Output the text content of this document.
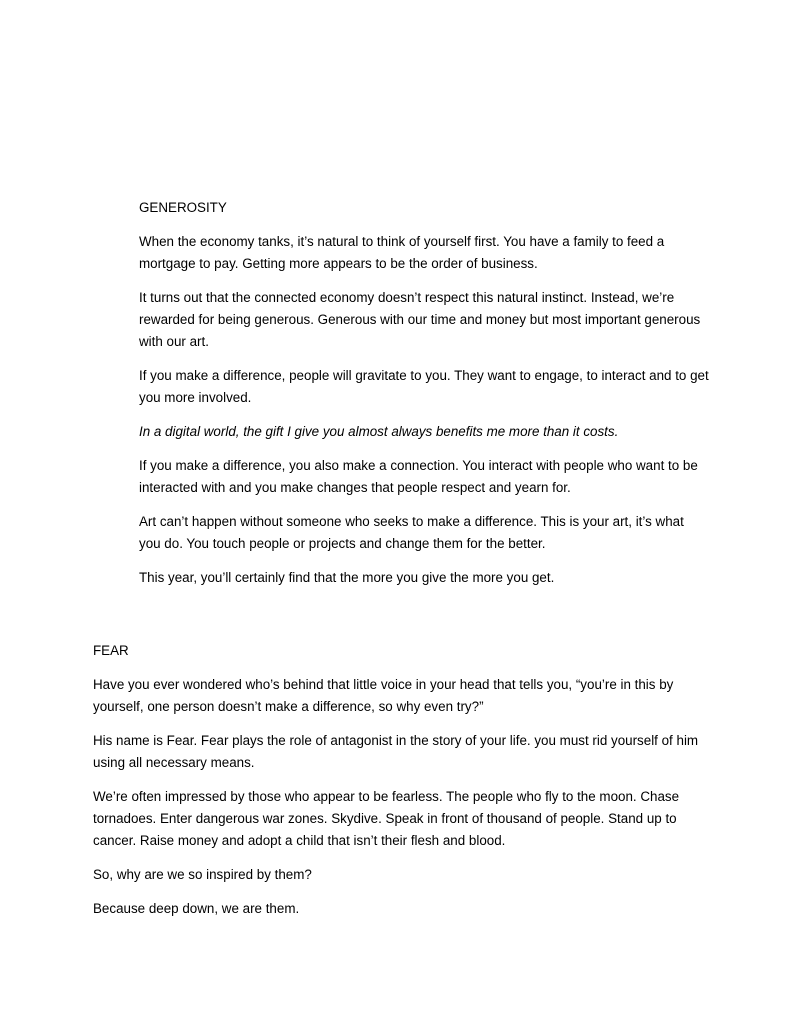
GENEROSITY

When the economy tanks, it’s natural to think of yourself first. You have a family to feed a mortgage to pay. Getting more appears to be the order of business.

It turns out that the connected economy doesn’t respect this natural instinct. Instead, we’re rewarded for being generous. Generous with our time and money but most important generous with our art.

If you make a difference, people will gravitate to you. They want to engage, to interact and to get you more involved.

In a digital world, the gift I give you almost always benefits me more than it costs.

If you make a difference, you also make a connection. You interact with people who want to be interacted with and you make changes that people respect and yearn for.

Art can’t happen without someone who seeks to make a difference. This is your art, it’s what you do. You touch people or projects and change them for the better.

This year, you’ll certainly find that the more you give the more you get.

FEAR

Have you ever wondered who’s behind that little voice in your head that tells you, “you’re in this by yourself, one person doesn’t make a difference, so why even try?”

His name is Fear. Fear plays the role of antagonist in the story of your life. you must rid yourself of him using all necessary means.

We’re often impressed by those who appear to be fearless. The people who fly to the moon. Chase tornadoes. Enter dangerous war zones. Skydive. Speak in front of thousand of people. Stand up to cancer. Raise money and adopt a child that isn’t their flesh and blood.

So, why are we so inspired by them?

Because deep down, we are them.
